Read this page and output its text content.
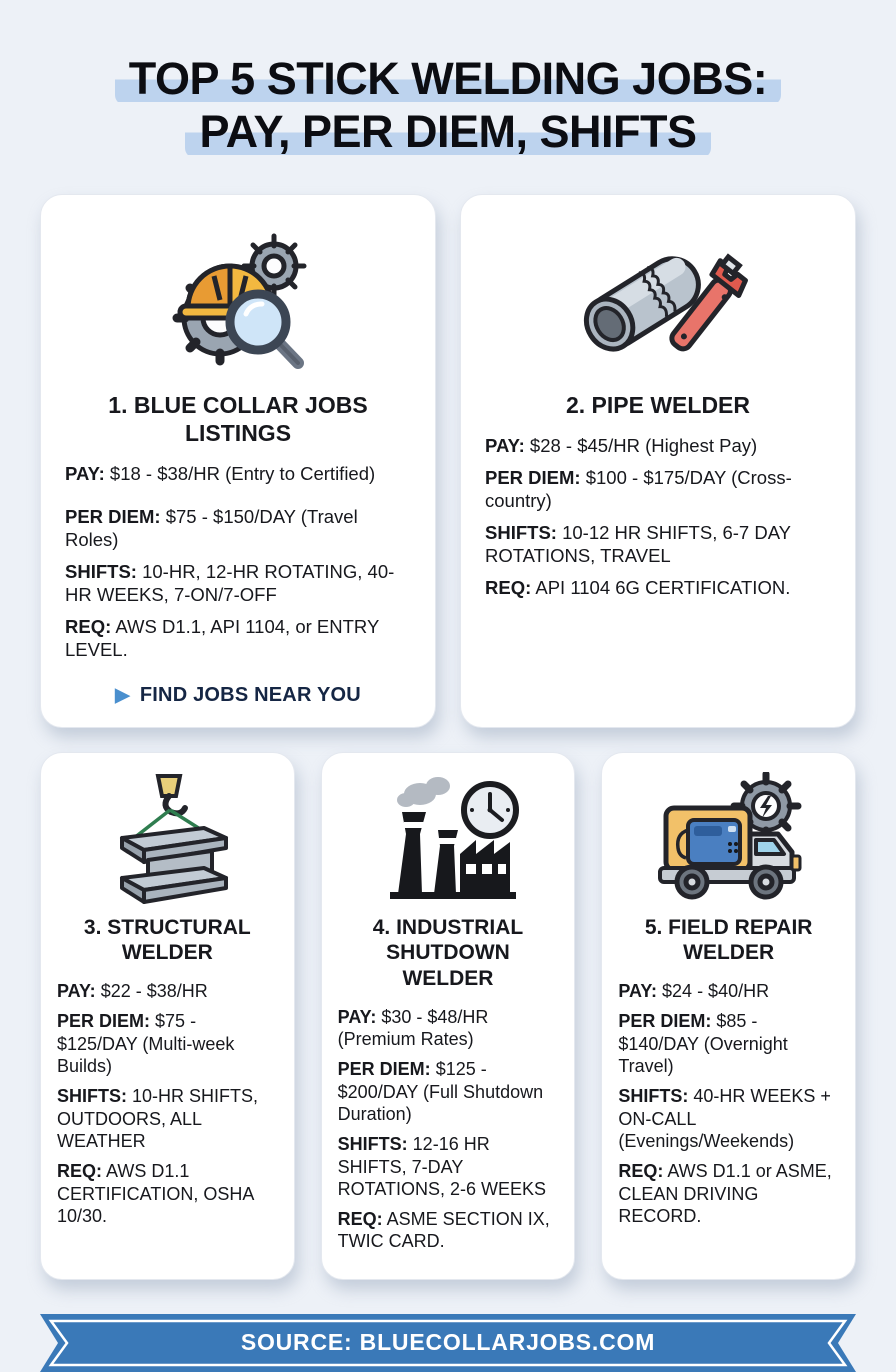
TOP 5 STICK WELDING JOBS:
PAY, PER DIEM, SHIFTS
1. BLUE COLLAR JOBS LISTINGS

PAY: $18 - $38/HR (Entry to Certified)

PER DIEM: $75 - $150/DAY (Travel Roles)

SHIFTS: 10-HR, 12-HR ROTATING, 40-HR WEEKS, 7-ON/7-OFF

REQ: AWS D1.1, API 1104, or ENTRY LEVEL.

▶ FIND JOBS NEAR YOU
2. PIPE WELDER

PAY: $28 - $45/HR (Highest Pay)

PER DIEM: $100 - $175/DAY (Cross-country)

SHIFTS: 10-12 HR SHIFTS, 6-7 DAY ROTATIONS, TRAVEL

REQ: API 1104 6G CERTIFICATION.

3. STRUCTURAL WELDER

PAY: $22 - $38/HR

PER DIEM: $75 - $125/DAY (Multi-week Builds)

SHIFTS: 10-HR SHIFTS, OUTDOORS, ALL WEATHER

REQ: AWS D1.1 CERTIFICATION, OSHA 10/30.

4. INDUSTRIAL SHUTDOWN WELDER

PAY: $30 - $48/HR (Premium Rates)

PER DIEM: $125 - $200/DAY (Full Shutdown Duration)

SHIFTS: 12-16 HR SHIFTS, 7-DAY ROTATIONS, 2-6 WEEKS

REQ: ASME SECTION IX, TWIC CARD.

5. FIELD REPAIR WELDER

PAY: $24 - $40/HR

PER DIEM: $85 - $140/DAY (Overnight Travel)

SHIFTS: 40-HR WEEKS + ON-CALL (Evenings/Weekends)

REQ: AWS D1.1 or ASME, CLEAN DRIVING RECORD.

SOURCE: BLUECOLLARJOBS.COM
